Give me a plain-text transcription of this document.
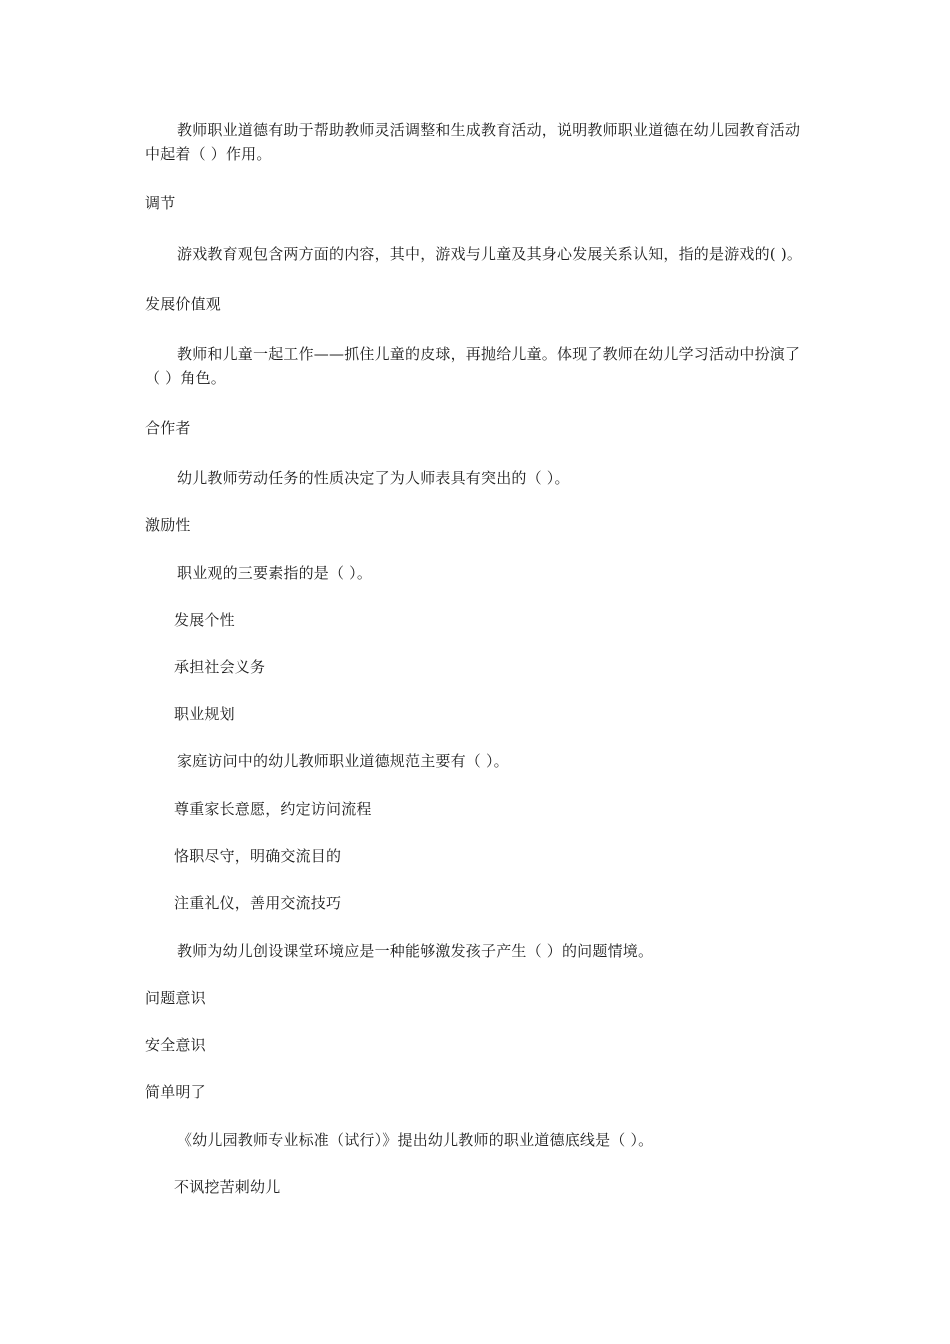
教师职业道德有助于帮助教师灵活调整和生成教育活动，说明教师职业道德在幼儿园教育活动中起着（ ）作用。
调节
游戏教育观包含两方面的内容，其中，游戏与儿童及其身心发展关系认知，指的是游戏的( )。
发展价值观
教师和儿童一起工作——抓住儿童的皮球，再抛给儿童。体现了教师在幼儿学习活动中扮演了（ ）角色。
合作者
幼儿教师劳动任务的性质决定了为人师表具有突出的（ ）。
激励性
职业观的三要素指的是（ ）。
发展个性
承担社会义务
职业规划
家庭访问中的幼儿教师职业道德规范主要有（ ）。
尊重家长意愿，约定访问流程
恪职尽守，明确交流目的
注重礼仪，善用交流技巧
教师为幼儿创设课堂环境应是一种能够激发孩子产生（ ）的问题情境。
问题意识
安全意识
简单明了
《幼儿园教师专业标准（试行）》提出幼儿教师的职业道德底线是（ ）。
不讽挖苦刺幼儿
